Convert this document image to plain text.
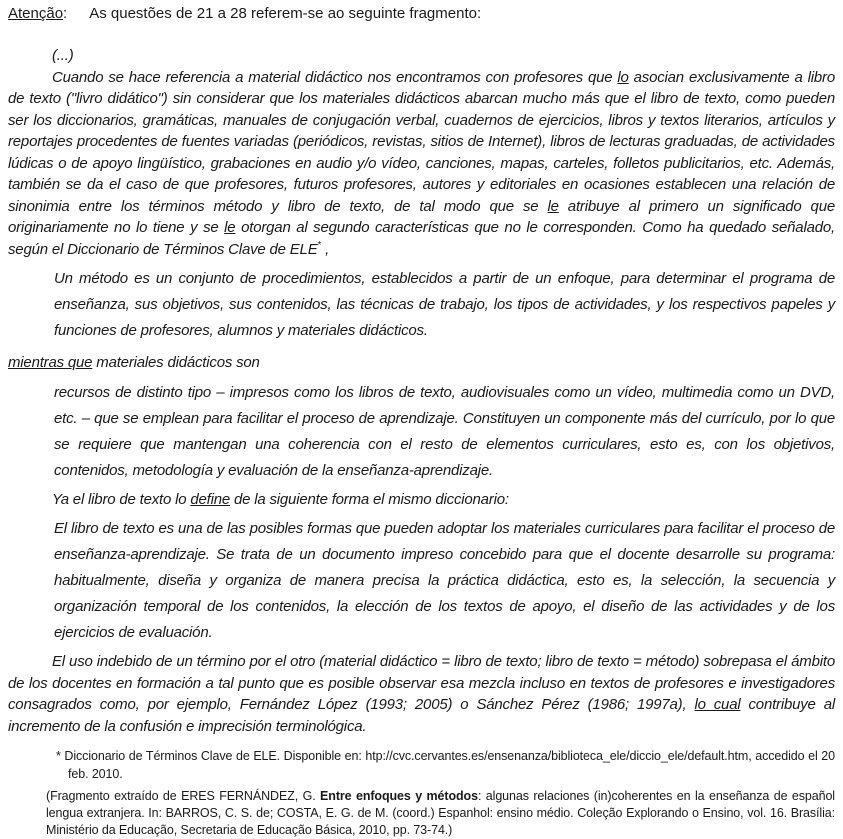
Atenção: As questões de 21 a 28 referem-se ao seguinte fragmento:
(...)
Cuando se hace referencia a material didáctico nos encontramos con profesores que lo asocian exclusivamente a libro de texto ("livro didático") sin considerar que los materiales didácticos abarcan mucho más que el libro de texto, como pueden ser los diccionarios, gramáticas, manuales de conjugación verbal, cuadernos de ejercicios, libros y textos literarios, artículos y reportajes procedentes de fuentes variadas (periódicos, revistas, sitios de Internet), libros de lecturas graduadas, de actividades lúdicas o de apoyo lingüístico, grabaciones en audio y/o vídeo, canciones, mapas, carteles, folletos publicitarios, etc. Además, también se da el caso de que profesores, futuros profesores, autores y editoriales en ocasiones establecen una relación de sinonimia entre los términos método y libro de texto, de tal modo que se le atribuye al primero un significado que originariamente no lo tiene y se le otorgan al segundo características que no le corresponden. Como ha quedado señalado, según el Diccionario de Términos Clave de ELE* ,
Un método es un conjunto de procedimientos, establecidos a partir de un enfoque, para determinar el programa de enseñanza, sus objetivos, sus contenidos, las técnicas de trabajo, los tipos de actividades, y los respectivos papeles y funciones de profesores, alumnos y materiales didácticos.
mientras que materiales didácticos son
recursos de distinto tipo – impresos como los libros de texto, audiovisuales como un vídeo, multimedia como un DVD, etc. – que se emplean para facilitar el proceso de aprendizaje. Constituyen un componente más del currículo, por lo que se requiere que mantengan una coherencia con el resto de elementos curriculares, esto es, con los objetivos, contenidos, metodología y evaluación de la enseñanza-aprendizaje.
Ya el libro de texto lo define de la siguiente forma el mismo diccionario:
El libro de texto es una de las posibles formas que pueden adoptar los materiales curriculares para facilitar el proceso de enseñanza-aprendizaje. Se trata de un documento impreso concebido para que el docente desarrolle su programa: habitualmente, diseña y organiza de manera precisa la práctica didáctica, esto es, la selección, la secuencia y organización temporal de los contenidos, la elección de los textos de apoyo, el diseño de las actividades y de los ejercicios de evaluación.
El uso indebido de un término por el otro (material didáctico = libro de texto; libro de texto = método) sobrepasa el ámbito de los docentes en formación a tal punto que es posible observar esa mezcla incluso en textos de profesores e investigadores consagrados como, por ejemplo, Fernández López (1993; 2005) o Sánchez Pérez (1986; 1997a), lo cual contribuye al incremento de la confusión e imprecisión terminológica.
* Diccionario de Términos Clave de ELE. Disponible en: htp://cvc.cervantes.es/ensenanza/biblioteca_ele/diccio_ele/default.htm, accedido el 20 feb. 2010.
(Fragmento extraído de ERES FERNÁNDEZ, G. Entre enfoques y métodos: algunas relaciones (in)coherentes en la enseñanza de español lengua extranjera. In: BARROS, C. S. de; COSTA, E. G. de M. (coord.) Espanhol: ensino médio. Coleção Explorando o Ensino, vol. 16. Brasília: Ministério da Educação, Secretaria de Educação Básica, 2010, pp. 73-74.)
